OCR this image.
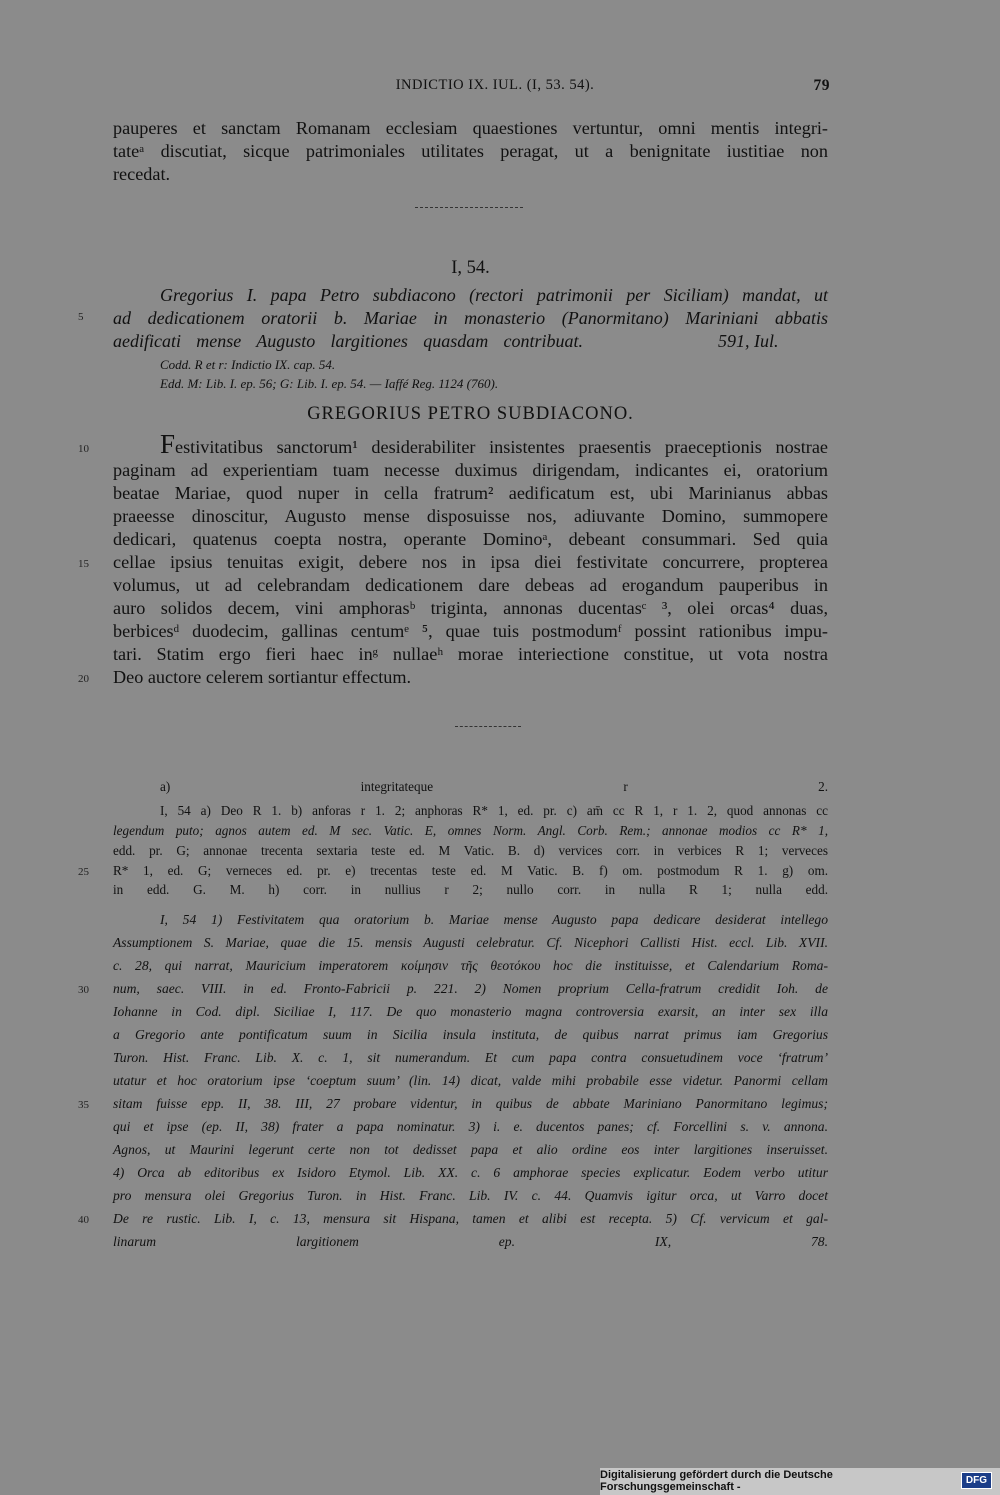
INDICTIO IX. IUL. (I, 53. 54).	79
pauperes et sanctam Romanam ecclesiam quaestiones vertuntur, omni mentis integri-
tateᵃ discutiat, sicque patrimoniales utilitates peragat, ut a benignitate iustitiae non
recedat.
I, 54.
Gregorius I. papa Petro subdiacono (rectori patrimonii per Siciliam) mandat, ut
ad dedicationem oratorii b. Mariae in monasterio (Panormitano) Mariniani abbatis
aedificati mense Augusto largitiones quasdam contribuat.	591, Iul.
Codd. R et r: Indictio IX. cap. 54.
Edd. M: Lib. I. ep. 56; G: Lib. I. ep. 54. — Iaffé Reg. 1124 (760).
GREGORIUS PETRO SUBDIACONO.
Festivitatibus sanctorum¹ desiderabiliter insistentes praesentis praeceptionis nostrae
paginam ad experientiam tuam necesse duximus dirigendam, indicantes ei, oratorium
beatae Mariae, quod nuper in cella fratrum² aedificatum est, ubi Marinianus abbas
praeesse dinoscitur, Augusto mense disposuisse nos, adiuvante Domino, summopere
dedicari, quatenus coepta nostra, operante Dominoᵃ, debeant consummari. Sed quia
cellae ipsius tenuitas exigit, debere nos in ipsa diei festivitate concurrere, propterea
volumus, ut ad celebrandam dedicationem dare debeas ad erogandum pauperibus in
auro solidos decem, vini amphorasᵇ triginta, annonas ducentasᶜ ³, olei orcas⁴ duas,
berbicesᵈ duodecim, gallinas centumᵉ ⁵, quae tuis postmodumᶠ possint rationibus impu-
tari. Statim ergo fieri haec inᵍ nullaeʰ morae interiectione constitue, ut vota nostra
Deo auctore celerem sortiantur effectum.
a) integritateque r 2.
I, 54 a) Deo R 1. b) anforas r 1. 2; anphoras R* 1, ed. pr. c) am̄ cc R 1, r 1. 2, quod annonas cc
legendum puto; agnos autem ed. M sec. Vatic. E, omnes Norm. Angl. Corb. Rem.; annonae modios cc R* 1,
edd. pr. G; annonae trecenta sextaria teste ed. M Vatic. B. d) vervices corr. in verbices R 1; verveces
R* 1, ed. G; verneces ed. pr. e) trecentas teste ed. M Vatic. B. f) om. postmodum R 1. g) om.
in edd. G. M. h) corr. in nullius r 2; nullo corr. in nulla R 1; nulla edd.
I, 54 1) Festivitatem qua oratorium b. Mariae mense Augusto papa dedicare desiderat intellego
Assumptionem S. Mariae, quae die 15. mensis Augusti celebratur. Cf. Nicephori Callisti Hist. eccl. Lib. XVII.
c. 28, qui narrat, Mauricium imperatorem κοίμησιν τῆς θεοτόκου hoc die instituisse, et Calendarium Roma-
num, saec. VIII. in ed. Fronto-Fabricii p. 221. 2) Nomen proprium Cella-fratrum credidit Ioh. de
Iohanne in Cod. dipl. Siciliae I, 117. De quo monasterio magna controversia exarsit, an inter sex illa
a Gregorio ante pontificatum suum in Sicilia insula instituta, de quibus narrat primus iam Gregorius
Turon. Hist. Franc. Lib. X. c. 1, sit numerandum. Et cum papa contra consuetudinem voce ‘fratrum’
utatur et hoc oratorium ipse ‘coeptum suum’ (lin. 14) dicat, valde mihi probabile esse videtur. Panormi cellam
sitam fuisse epp. II, 38. III, 27 probare videntur, in quibus de abbate Mariniano Panormitano legimus;
qui et ipse (ep. II, 38) frater a papa nominatur. 3) i. e. ducentos panes; cf. Forcellini s. v. annona.
Agnos, ut Maurini legerunt certe non tot dedisset papa et alio ordine eos inter largitiones inseruisset.
4) Orca ab editoribus ex Isidoro Etymol. Lib. XX. c. 6 amphorae species explicatur. Eodem verbo utitur
pro mensura olei Gregorius Turon. in Hist. Franc. Lib. IV. c. 44. Quamvis igitur orca, ut Varro docet
De re rustic. Lib. I, c. 13, mensura sit Hispana, tamen et alibi est recepta. 5) Cf. vervicum et gal-
linarum largitionem ep. IX, 78.
5
10
15
20
25
30
35
40
Digitalisierung gefördert durch die Deutsche Forschungsgemeinschaft -	DFG
